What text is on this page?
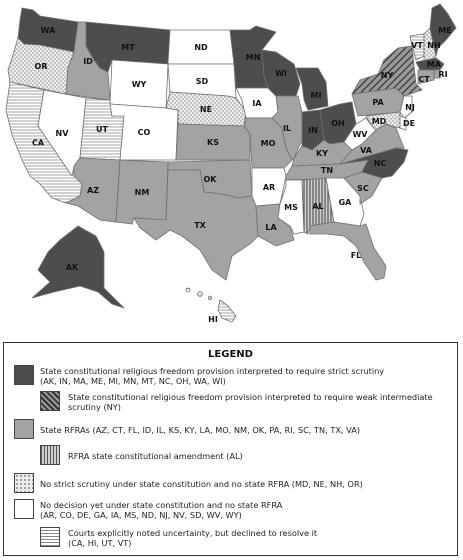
WA
OR
CA
ID
NV	UT
AZ
MT
WY
CO
NM
ND
SD
NE
KS
OK
TX
MN
IA
MO
AR
LA
WI
IL
MI
IN
OH
KY
TN
MS AL GA
FL
SC
NC
VA
WV
PA
NY
VT NH
ME
MA
RI
CT
NJ
DE
MD
AK
HI
LEGEND
State constitutional religious freedom provision interpreted to require strict scrutiny
(AK, IN, MA, ME, MI, MN, MT, NC, OH, WA, WI)
State constitutional religious freedom provision interpreted to require weak intermediate
scrutiny (NY)
State RFRAs (AZ, CT, FL, ID, IL, KS, KY, LA, MO, NM, OK, PA, RI, SC, TN, TX, VA)
RFRA state constitutional amendment (AL)
No strict scrutiny under state constitution and no state RFRA (MD, NE, NH, OR)
No decision yet under state constitution and no state RFRA
(AR, CO, DE, GA, IA, MS, ND, NJ, NV, SD, WV, WY)
Courts explicitly noted uncertainty, but declined to resolve it
(CA, HI, UT, VT)
